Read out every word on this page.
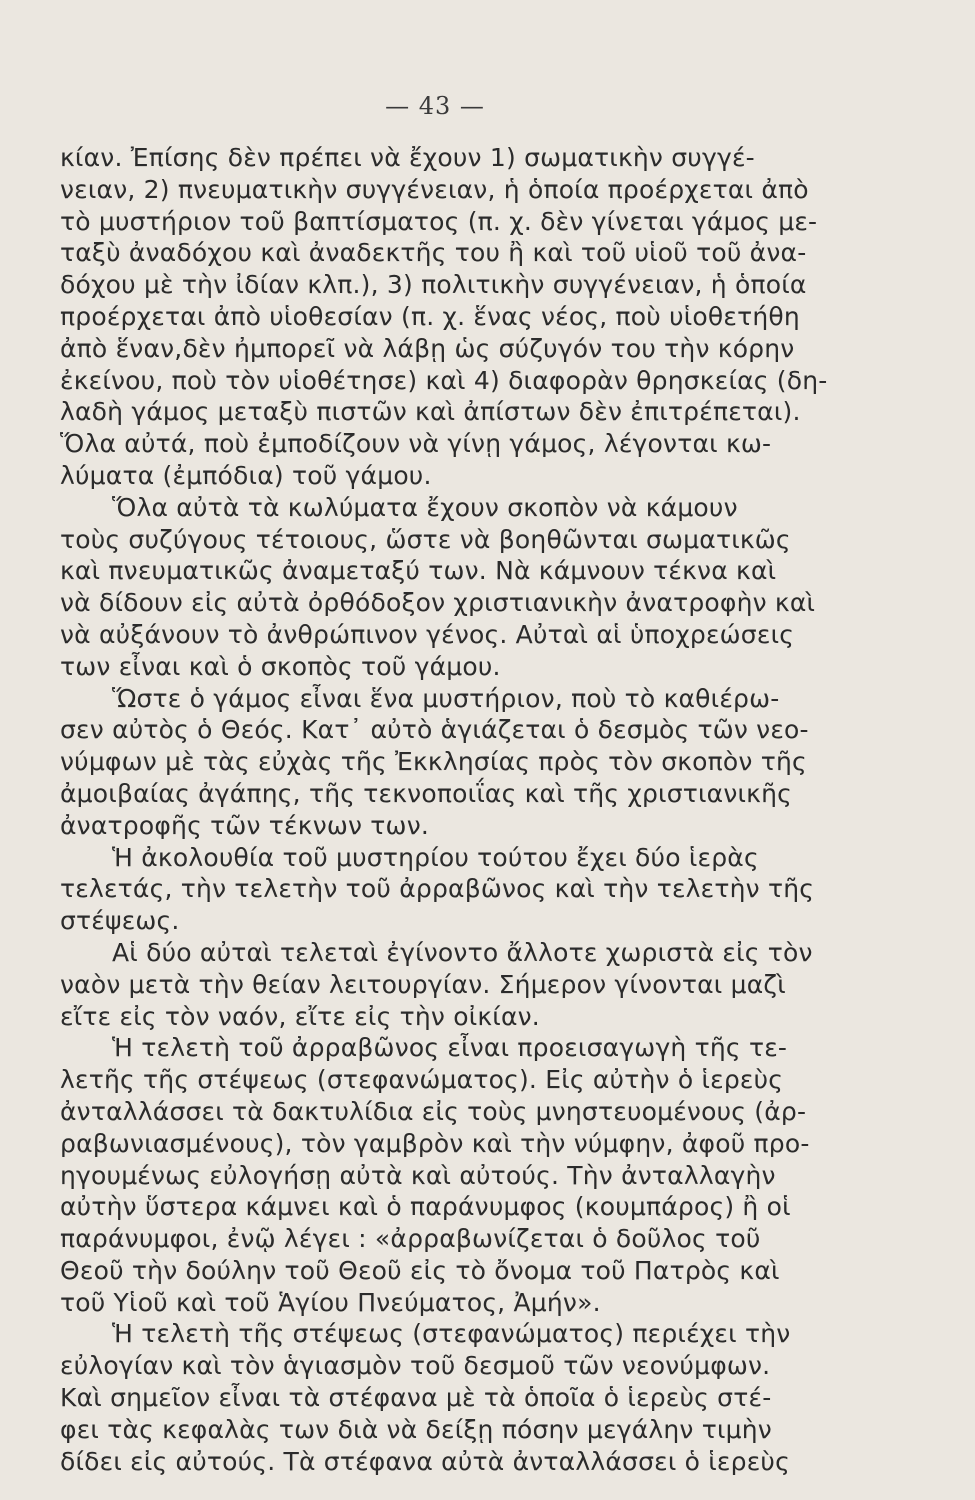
— 43 —
κίαν. Ἐπίσης δὲν πρέπει νὰ ἔχουν 1) σωματικὴν συγγέ-
νειαν, 2) πνευματικὴν συγγένειαν, ἡ ὁποία προέρχεται ἀπὸ
τὸ μυστήριον τοῦ βαπτίσματος (π. χ. δὲν γίνεται γάμος με-
ταξὺ ἀναδόχου καὶ ἀναδεκτῆς του ἢ καὶ τοῦ υἱοῦ τοῦ ἀνα-
δόχου μὲ τὴν ἰδίαν κλπ.), 3) πολιτικὴν συγγένειαν, ἡ ὁποία
προέρχεται ἀπὸ υἱοθεσίαν (π. χ. ἕνας νέος, ποὺ υἱοθετήθη
ἀπὸ ἕναν,δὲν ἠμπορεῖ νὰ λάβῃ ὡς σύζυγόν του τὴν κόρην
ἐκείνου, ποὺ τὸν υἱοθέτησε) καὶ 4) διαφορὰν θρησκείας (δη-
λαδὴ γάμος μεταξὺ πιστῶν καὶ ἀπίστων δὲν ἐπιτρέπεται).
Ὅλα αὐτά, ποὺ ἐμποδίζουν νὰ γίνῃ γάμος, λέγονται κω-
λύματα (ἐμπόδια) τοῦ γάμου.
Ὅλα αὐτὰ τὰ κωλύματα ἔχουν σκοπὸν νὰ κάμουν
τοὺς συζύγους τέτοιους, ὥστε νὰ βοηθῶνται σωματικῶς
καὶ πνευματικῶς ἀναμεταξύ των. Νὰ κάμνουν τέκνα καὶ
νὰ δίδουν εἰς αὐτὰ ὀρθόδοξον χριστιανικὴν ἀνατροφὴν καὶ
νὰ αὐξάνουν τὸ ἀνθρώπινον γένος. Αὐταὶ αἱ ὑποχρεώσεις
των εἶναι καὶ ὁ σκοπὸς τοῦ γάμου.
Ὥστε ὁ γάμος εἶναι ἕνα μυστήριον, ποὺ τὸ καθιέρω-
σεν αὐτὸς ὁ Θεός. Κατ᾽ αὐτὸ ἁγιάζεται ὁ δεσμὸς τῶν νεο-
νύμφων μὲ τὰς εὐχὰς τῆς Ἐκκλησίας πρὸς τὸν σκοπὸν τῆς
ἀμοιβαίας ἀγάπης, τῆς τεκνοποιΐας καὶ τῆς χριστιανικῆς
ἀνατροφῆς τῶν τέκνων των.
Ἡ ἀκολουθία τοῦ μυστηρίου τούτου ἔχει δύο ἱερὰς
τελετάς, τὴν τελετὴν τοῦ ἀρραβῶνος καὶ τὴν τελετὴν τῆς
στέψεως.
Αἱ δύο αὐταὶ τελεταὶ ἐγίνοντο ἄλλοτε χωριστὰ εἰς τὸν
ναὸν μετὰ τὴν θείαν λειτουργίαν. Σήμερον γίνονται μαζὶ
εἴτε εἰς τὸν ναόν, εἴτε εἰς τὴν οἰκίαν.
Ἡ τελετὴ τοῦ ἀρραβῶνος εἶναι προεισαγωγὴ τῆς τε-
λετῆς τῆς στέψεως (στεφανώματος). Εἰς αὐτὴν ὁ ἱερεὺς
ἀνταλλάσσει τὰ δακτυλίδια εἰς τοὺς μνηστευομένους (ἀρ-
ραβωνιασμένους), τὸν γαμβρὸν καὶ τὴν νύμφην, ἀφοῦ προ-
ηγουμένως εὐλογήσῃ αὐτὰ καὶ αὐτούς. Τὴν ἀνταλλαγὴν
αὐτὴν ὕστερα κάμνει καὶ ὁ παράνυμφος (κουμπάρος) ἢ οἱ
παράνυμφοι, ἐνῷ λέγει : «ἀρραβωνίζεται ὁ δοῦλος τοῦ
Θεοῦ τὴν δούλην τοῦ Θεοῦ εἰς τὸ ὄνομα τοῦ Πατρὸς καὶ
τοῦ Υἱοῦ καὶ τοῦ Ἁγίου Πνεύματος, Ἀμήν».
Ἡ τελετὴ τῆς στέψεως (στεφανώματος) περιέχει τὴν
εὐλογίαν καὶ τὸν ἁγιασμὸν τοῦ δεσμοῦ τῶν νεονύμφων.
Καὶ σημεῖον εἶναι τὰ στέφανα μὲ τὰ ὁποῖα ὁ ἱερεὺς στέ-
φει τὰς κεφαλὰς των διὰ νὰ δείξῃ πόσην μεγάλην τιμὴν
δίδει εἰς αὐτούς. Τὰ στέφανα αὐτὰ ἀνταλλάσσει ὁ ἱερεὺς
